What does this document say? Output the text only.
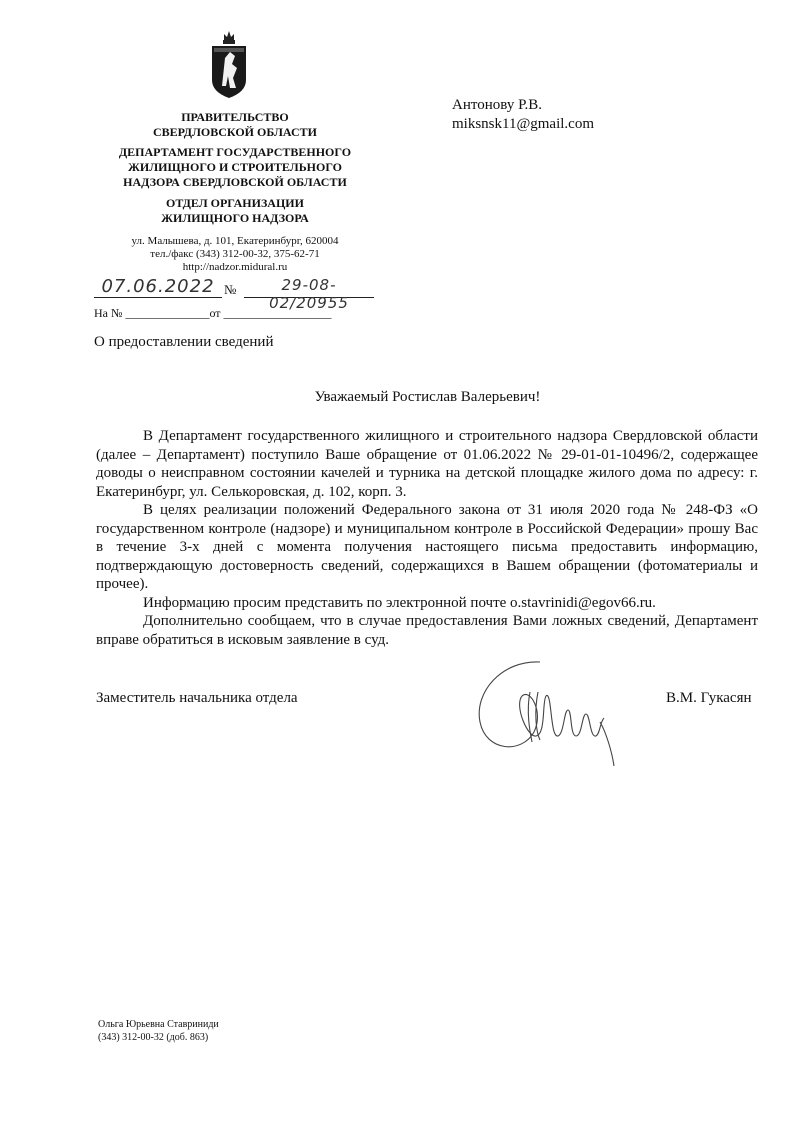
ПРАВИТЕЛЬСТВО
СВЕРДЛОВСКОЙ ОБЛАСТИ
ДЕПАРТАМЕНТ ГОСУДАРСТВЕННОГО
ЖИЛИЩНОГО И СТРОИТЕЛЬНОГО
НАДЗОРА СВЕРДЛОВСКОЙ ОБЛАСТИ
ОТДЕЛ ОРГАНИЗАЦИИ
ЖИЛИЩНОГО НАДЗОРА
ул. Малышева, д. 101, Екатеринбург, 620004
тел./факс (343) 312-00-32, 375-62-71
http://nadzor.midural.ru
07.06.2022 №	29-08-02/20955
На № ______________от __________________
Антонову Р.В.
miksnsk11@gmail.com
О предоставлении сведений
Уважаемый Ростислав Валерьевич!

В Департамент государственного жилищного и строительного надзора Свердловской области (далее – Департамент) поступило Ваше обращение от 01.06.2022 № 29-01-01-10496/2, содержащее доводы о неисправном состоянии качелей и турника на детской площадке жилого дома по адресу: г. Екатеринбург, ул. Селькоровская, д. 102, корп. 3.

В целях реализации положений Федерального закона от 31 июля 2020 года № 248-ФЗ «О государственном контроле (надзоре) и муниципальном контроле в Российской Федерации» прошу Вас в течение 3-х дней с момента получения настоящего письма предоставить информацию, подтверждающую достоверность сведений, содержащихся в Вашем обращении (фотоматериалы и прочее).

Информацию просим представить по электронной почте o.stavrinidi@egov66.ru.

Дополнительно сообщаем, что в случае предоставления Вами ложных сведений, Департамент вправе обратиться в исковым заявление в суд.

Заместитель начальника отдела	В.М. Гукасян
Ольга Юрьевна Ставриниди
(343) 312-00-32 (доб. 863)
